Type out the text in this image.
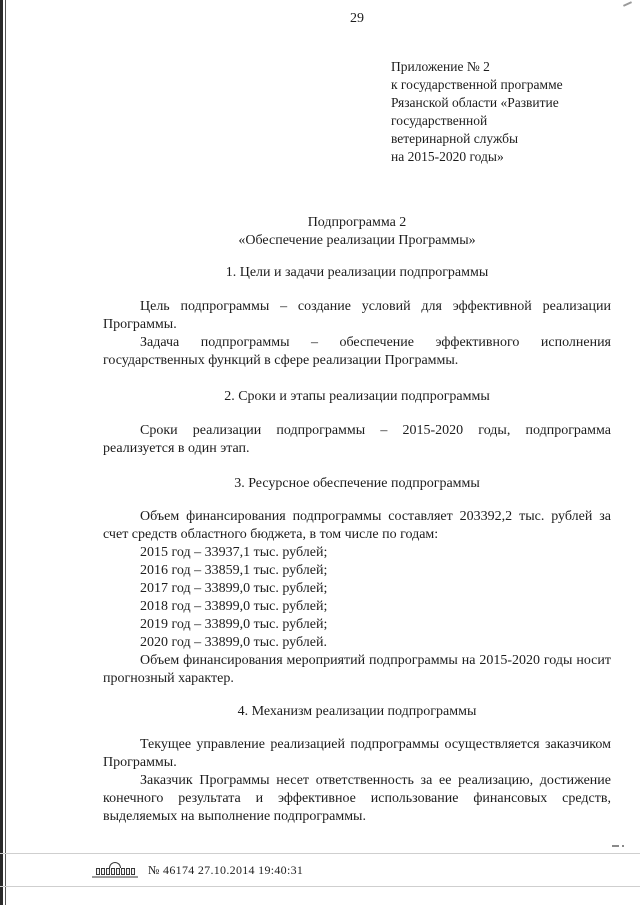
29
Приложение № 2
к государственной программе
Рязанской области «Развитие
государственной
ветеринарной службы
на 2015-2020 годы»
Подпрограмма 2
«Обеспечение реализации Программы»
1. Цели и задачи реализации подпрограммы

Цель подпрограммы – создание условий для эффективной реализации Программы.

Задача подпрограммы – обеспечение эффективного исполнения государственных функций в сфере реализации Программы.

2. Сроки и этапы реализации подпрограммы

Сроки реализации подпрограммы – 2015-2020 годы, подпрограмма реализуется в один этап.

3. Ресурсное обеспечение подпрограммы

Объем финансирования подпрограммы составляет 203392,2 тыс. рублей за счет средств областного бюджета, в том числе по годам:

2015 год – 33937,1 тыс. рублей;
2016 год – 33859,1 тыс. рублей;
2017 год – 33899,0 тыс. рублей;
2018 год – 33899,0 тыс. рублей;
2019 год – 33899,0 тыс. рублей;
2020 год – 33899,0 тыс. рублей.

Объем финансирования мероприятий подпрограммы на 2015-2020 годы носит прогнозный характер.

4. Механизм реализации подпрограммы

Текущее управление реализацией подпрограммы осуществляется заказчиком Программы.

Заказчик Программы несет ответственность за ее реализацию, достижение конечного результата и эффективное использование финансовых средств, выделяемых на выполнение подпрограммы.

№ 46174 27.10.2014 19:40:31
